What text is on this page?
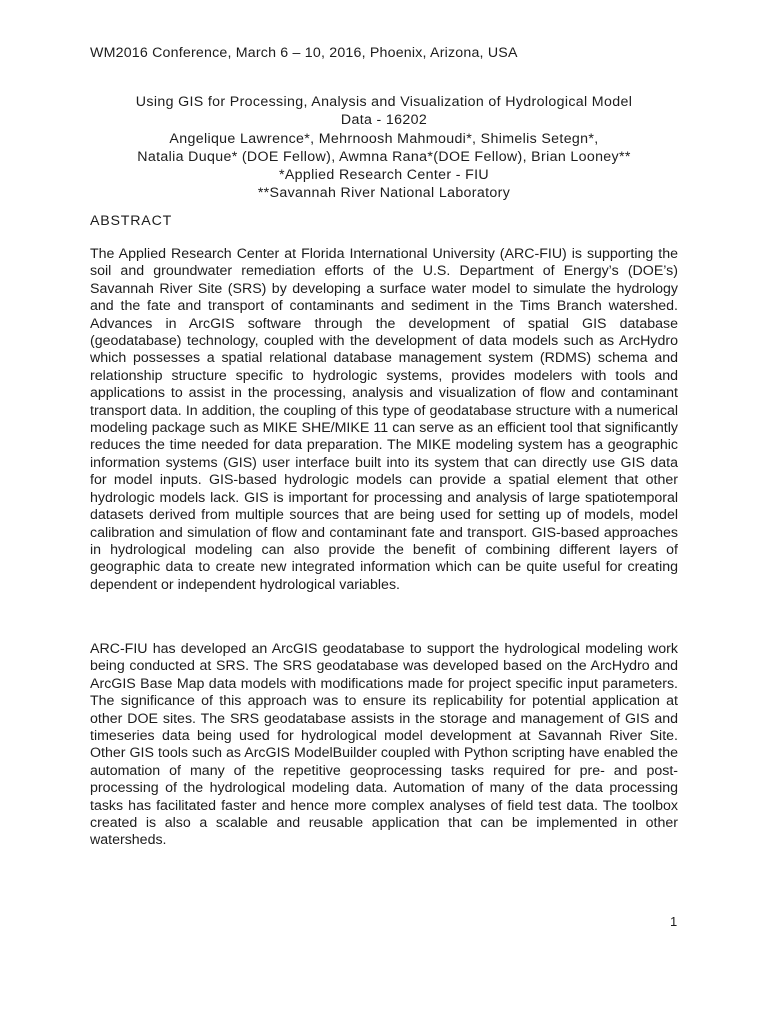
WM2016 Conference, March 6 – 10, 2016, Phoenix, Arizona, USA
Using GIS for Processing, Analysis and Visualization of Hydrological Model
Data - 16202
Angelique Lawrence*, Mehrnoosh Mahmoudi*, Shimelis Setegn*,
Natalia Duque* (DOE Fellow), Awmna Rana*(DOE Fellow), Brian Looney**
*Applied Research Center - FIU
**Savannah River National Laboratory
ABSTRACT

The Applied Research Center at Florida International University (ARC-FIU) is supporting the soil and groundwater remediation efforts of the U.S. Department of Energy’s (DOE’s) Savannah River Site (SRS) by developing a surface water model to simulate the hydrology and the fate and transport of contaminants and sediment in the Tims Branch watershed. Advances in ArcGIS software through the development of spatial GIS database (geodatabase) technology, coupled with the development of data models such as ArcHydro which possesses a spatial relational database management system (RDMS) schema and relationship structure specific to hydrologic systems, provides modelers with tools and applications to assist in the processing, analysis and visualization of flow and contaminant transport data. In addition, the coupling of this type of geodatabase structure with a numerical modeling package such as MIKE SHE/MIKE 11 can serve as an efficient tool that significantly reduces the time needed for data preparation. The MIKE modeling system has a geographic information systems (GIS) user interface built into its system that can directly use GIS data for model inputs. GIS-based hydrologic models can provide a spatial element that other hydrologic models lack. GIS is important for processing and analysis of large spatiotemporal datasets derived from multiple sources that are being used for setting up of models, model calibration and simulation of flow and contaminant fate and transport. GIS-based approaches in hydrological modeling can also provide the benefit of combining different layers of geographic data to create new integrated information which can be quite useful for creating dependent or independent hydrological variables.

ARC-FIU has developed an ArcGIS geodatabase to support the hydrological modeling work being conducted at SRS. The SRS geodatabase was developed based on the ArcHydro and ArcGIS Base Map data models with modifications made for project specific input parameters. The significance of this approach was to ensure its replicability for potential application at other DOE sites. The SRS geodatabase assists in the storage and management of GIS and timeseries data being used for hydrological model development at Savannah River Site. Other GIS tools such as ArcGIS ModelBuilder coupled with Python scripting have enabled the automation of many of the repetitive geoprocessing tasks required for pre- and post-processing of the hydrological modeling data. Automation of many of the data processing tasks has facilitated faster and hence more complex analyses of field test data. The toolbox created is also a scalable and reusable application that can be implemented in other watersheds.

1
